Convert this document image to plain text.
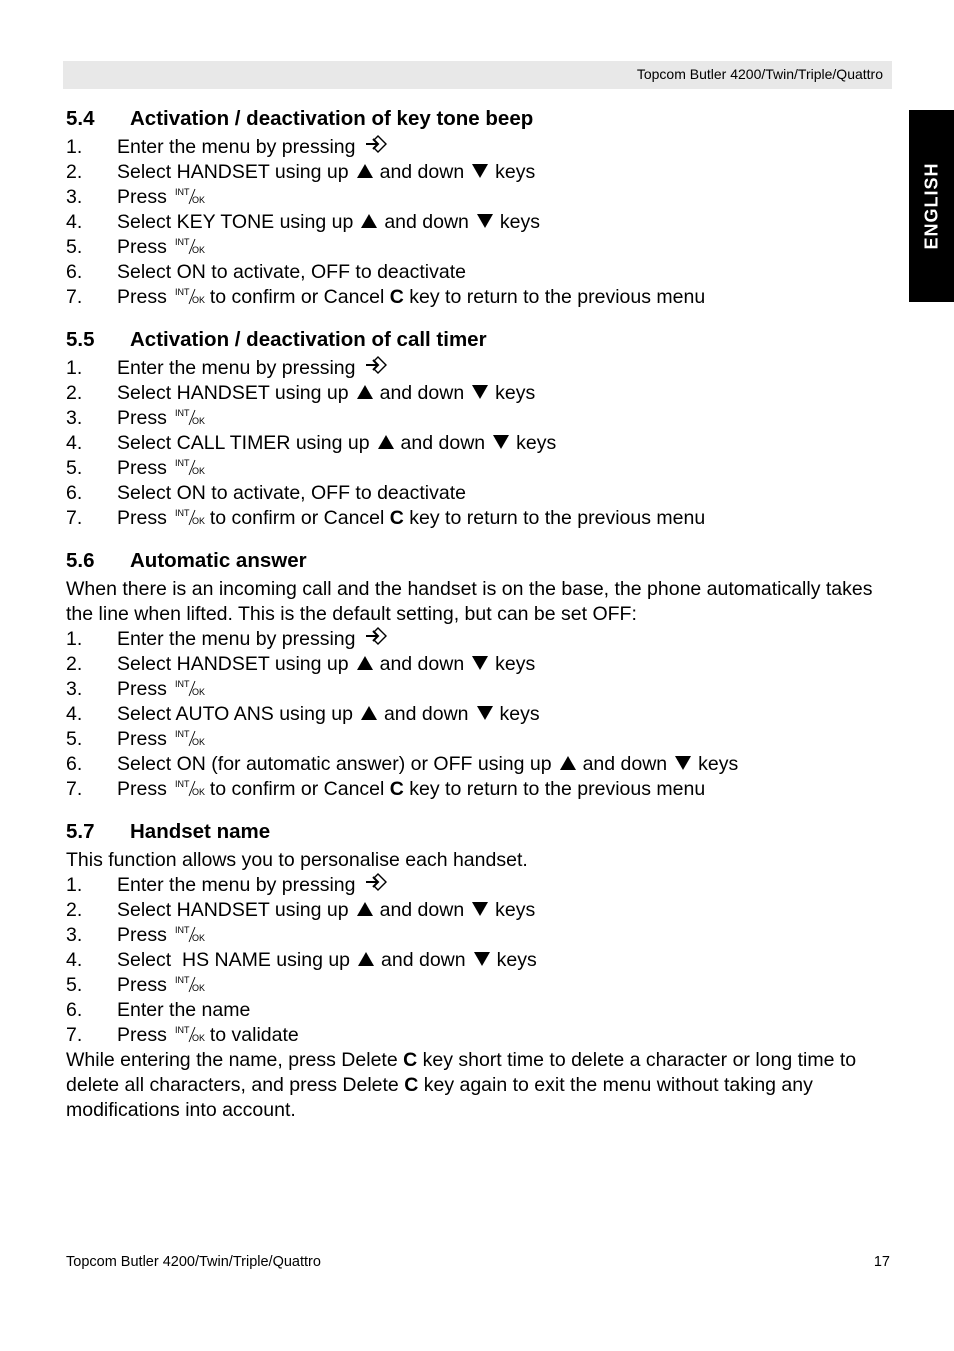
Topcom Butler 4200/Twin/Triple/Quattro
ENGLISH
5.4	Activation / deactivation of key tone beep
1.	Enter the menu by pressing
2.	Select HANDSET using up and down keys
3.	Press INT
OK
4.	Select KEY TONE using up and down keys
5.	Press INT
OK
6.	Select ON to activate, OFF to deactivate
7.	Press INT
OK to confirm or Cancel
C
key to return to the previous menu
5.5	Activation / deactivation of call timer
1.	Enter the menu by pressing
2.	Select HANDSET using up and down keys
3.	Press INT
OK
4.	Select CALL TIMER using up and down keys
5.	Press INT
OK
6.	Select ON to activate, OFF to deactivate
7.	Press INT
OK to confirm or Cancel
C
key to return to the previous menu
5.6	Automatic answer

When there is an incoming call and the handset is on the base, the phone automatically takes the line when lifted. This is the default setting, but can be set OFF:

1.	Enter the menu by pressing
2.	Select HANDSET using up and down keys
3.	Press INT
OK
4.	Select AUTO ANS using up and down keys
5.	Press INT
OK
6.	Select ON (for automatic answer) or OFF using up and down keys
7.	Press INT
OK to confirm or Cancel
C
key to return to the previous menu
5.7	Handset name

This function allows you to personalise each handset.

1.	Enter the menu by pressing
2.	Select HANDSET using up and down keys
3.	Press INT
OK
4.	Select  HS NAME using up and down keys
5.	Press INT
OK
6.	Enter the name
7.	Press INT
OK to validate

While entering the name, press Delete C key short time to delete a character or long time to delete all characters, and press Delete C key again to exit the menu without taking any modifications into account.

Topcom Butler 4200/Twin/Triple/Quattro	17
